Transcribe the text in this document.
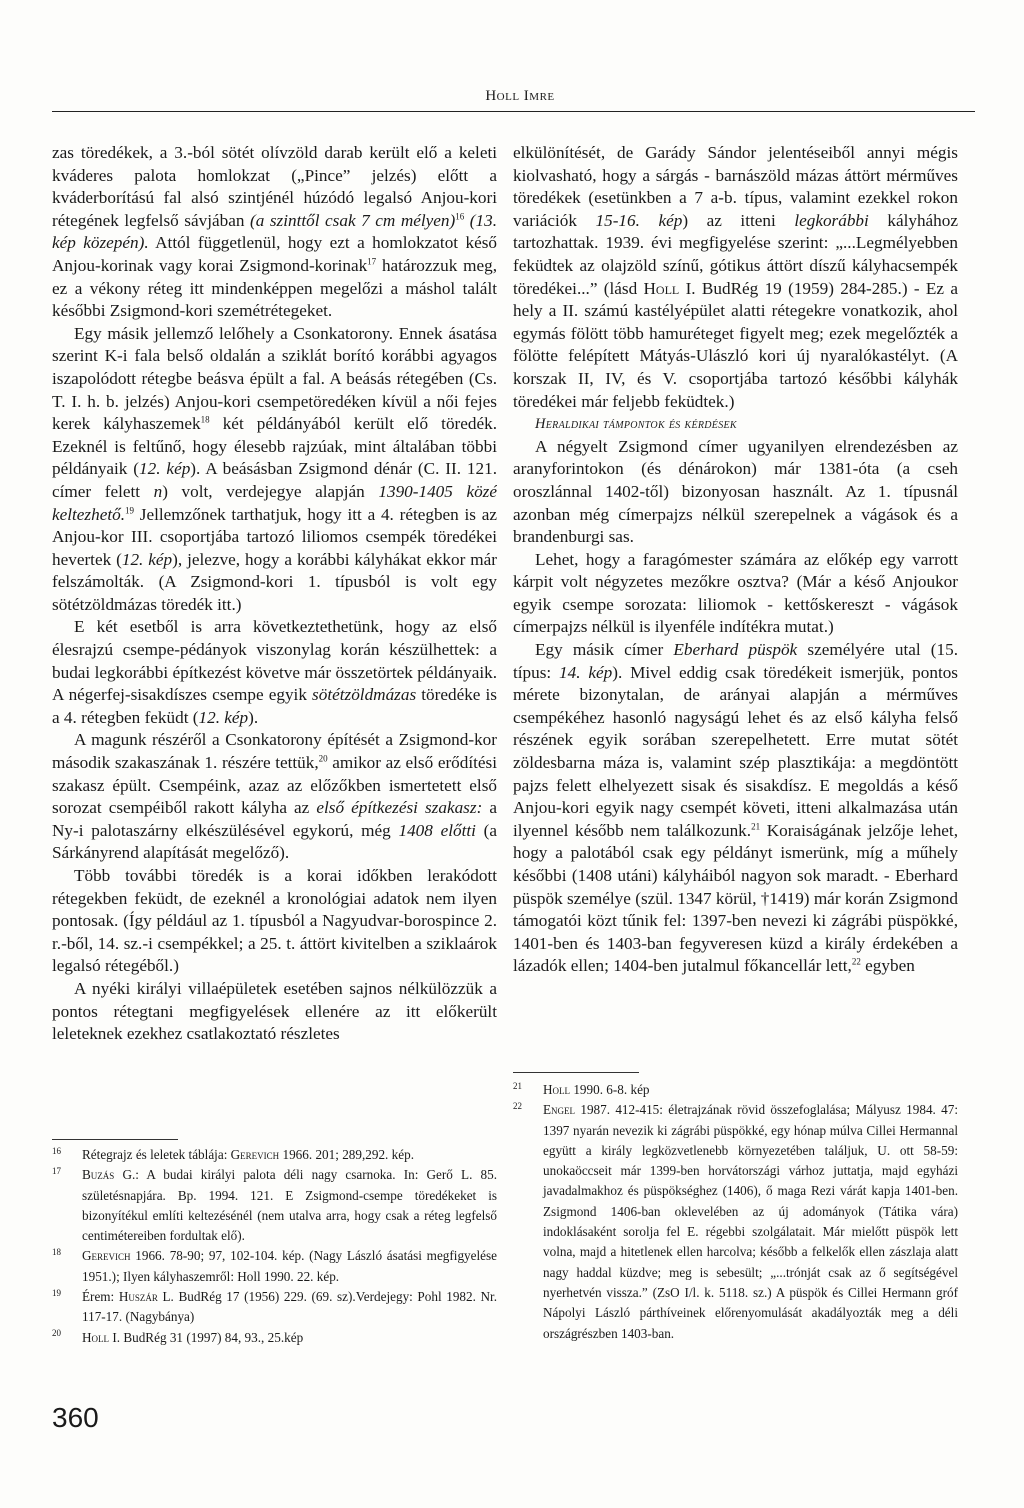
Holl Imre

zas töredékek, a 3.-ból sötét olívzöld darab került elő a keleti kváderes palota homlokzat („Pince” jelzés) előtt a kváderborítású fal alsó szintjénél húzódó legalsó Anjou-kori rétegének legfelső sávjában (a szinttől csak 7 cm mélyen)$^{16}$ (13. kép közepén). Attól függetlenül, hogy ezt a homlokzatot késő Anjou-korinak vagy korai Zsigmond-korinak$^{17}$ határozzuk meg, ez a vékony réteg itt mindenképpen megelőzi a máshol talált későbbi Zsigmond-kori szemétrétegeket.

Egy másik jellemző lelőhely a Csonkatorony. Ennek ásatása szerint K-i fala belső oldalán a sziklát borító korábbi agyagos iszapolódott rétegbe beásva épült a fal. A beásás rétegében (Cs. T. I. h. b. jelzés) Anjou-kori csempetöredéken kívül a női fejes kerek kályhaszemek$^{18}$ két példányából került elő töredék. Ezeknél is feltűnő, hogy élesebb rajzúak, mint általában többi példányaik (12. kép). A beásásban Zsigmond dénár (C. II. 121. címer felett n) volt, verdejegye alapján 1390-1405 közé keltezhető.$^{19}$ Jellemzőnek tarthatjuk, hogy itt a 4. rétegben is az Anjou-kor III. csoportjába tartozó liliomos csempék töredékei hevertek (12. kép), jelezve, hogy a korábbi kályhákat ekkor már felszámolták. (A Zsigmond-kori 1. típusból is volt egy sötétzöldmázas töredék itt.)

E két esetből is arra következtethetünk, hogy az első élesrajzú csempe-pédányok viszonylag korán készülhettek: a budai legkorábbi építkezést követve már összetörtek példányaik. A négerfej-sisakdíszes csempe egyik sötétzöldmázas töredéke is a 4. rétegben feküdt (12. kép).

A magunk részéről a Csonkatorony építését a Zsigmond-kor második szakaszának 1. részére tettük,$^{20}$ amikor az első erődítési szakasz épült. Csempéink, azaz az előzőkben ismertetett első sorozat csempéiből rakott kályha az első építkezési szakasz: a Ny-i palotaszárny elkészülésével egykorú, még 1408 előtti (a Sárkányrend alapítását megelőző).

Több további töredék is a korai időkben lerakódott rétegekben feküdt, de ezeknél a kronológiai adatok nem ilyen pontosak. (Így például az 1. típusból a Nagyudvar-borospince 2. r.-ből, 14. sz.-i csempékkel; a 25. t. áttört kivitelben a sziklaárok legalsó rétegéből.)

A nyéki királyi villaépületek esetében sajnos nélkülözzük a pontos rétegtani megfigyelések ellenére az itt előkerült leleteknek ezekhez csatlakoztató részletes

elkülönítését, de Garády Sándor jelentéseiből annyi mégis kiolvasható, hogy a sárgás - barnászöld mázas áttört mérműves töredékek (esetünkben a 7 a-b. típus, valamint ezekkel rokon variációk 15-16. kép) az itteni legkorábbi kályhához tartozhattak. 1939. évi megfigyelése szerint: „...Legmélyebben feküdtek az olajzöld színű, gótikus áttört díszű kályhacsempék töredékei...” (lásd Holl I. BudRég 19 (1959) 284-285.) - Ez a hely a II. számú kastélyépület alatti rétegekre vonatkozik, ahol egymás fölött több hamuréteget figyelt meg; ezek megelőzték a fölötte felépített Mátyás-Ulászló kori új nyaralókastélyt. (A korszak II, IV, és V. csoportjába tartozó későbbi kályhák töredékei már feljebb feküdtek.)

Heraldikai támpontok és kérdések

A négyelt Zsigmond címer ugyanilyen elrendezésben az aranyforintokon (és dénárokon) már 1381-óta (a cseh oroszlánnal 1402-től) bizonyosan használt. Az 1. típusnál azonban még címerpajzs nélkül szerepelnek a vágások és a brandenburgi sas.

Lehet, hogy a faragómester számára az előkép egy varrott kárpit volt négyzetes mezőkre osztva? (Már a késő Anjoukor egyik csempe sorozata: liliomok - kettőskereszt - vágások címerpajzs nélkül is ilyenféle indítékra mutat.)

Egy másik címer Eberhard püspök személyére utal (15. típus: 14. kép). Mivel eddig csak töredékeit ismerjük, pontos mérete bizonytalan, de arányai alapján a mérműves csempékéhez hasonló nagyságú lehet és az első kályha felső részének egyik sorában szerepelhetett. Erre mutat sötét zöldesbarna máza is, valamint szép plasztikája: a megdöntött pajzs felett elhelyezett sisak és sisakdísz. E megoldás a késő Anjou-kori egyik nagy csempét követi, itteni alkalmazása után ilyennel később nem találkozunk.$^{21}$ Koraiságának jelzője lehet, hogy a palotából csak egy példányt ismerünk, míg a műhely későbbi (1408 utáni) kályháiból nagyon sok maradt. - Eberhard püspök személye (szül. 1347 körül, †1419) már korán Zsigmond támogatói közt tűnik fel: 1397-ben nevezi ki zágrábi püspökké, 1401-ben és 1403-ban fegyveresen küzd a király érdekében a lázadók ellen; 1404-ben jutalmul főkancellár lett,$^{22}$ egyben

16 Rétegrajz és leletek táblája: Gerevich 1966. 201; 289,292. kép.

17 Buzás G.: A budai királyi palota déli nagy csarnoka. In: Gerő L. 85. születésnapjára. Bp. 1994. 121. E Zsigmond-csempe töredékeket is bizonyítékul említi keltezésénél (nem utalva arra, hogy csak a réteg legfelső centimétereiben fordultak elő).

18 Gerevich 1966. 78-90; 97, 102-104. kép. (Nagy László ásatási megfigyelése 1951.); Ilyen kályhaszemről: Holl 1990. 22. kép.

19 Érem: Huszár L. BudRég 17 (1956) 229. (69. sz).Verdejegy: Pohl 1982. Nr. 117-17. (Nagybánya)

20 Holl I. BudRég 31 (1997) 84, 93., 25.kép

21 Holl 1990. 6-8. kép

22 Engel 1987. 412-415: életrajzának rövid összefoglalása; Mályusz 1984. 47: 1397 nyarán nevezik ki zágrábi püspökké, egy hónap múlva Cillei Hermannal együtt a király legközvetlenebb környezetében találjuk, U. ott 58-59: unokaöccseit már 1399-ben horvátországi várhoz juttatja, majd egyházi javadalmakhoz és püspökséghez (1406), ő maga Rezi várát kapja 1401-ben. Zsigmond 1406-ban oklevelében az új adományok (Tátika vára) indoklásaként sorolja fel E. régebbi szolgálatait. Már mielőtt püspök lett volna, majd a hitetlenek ellen harcolva; később a felkelők ellen zászlaja alatt nagy haddal küzdve; meg is sebesült; „...trónját csak az ő segítségével nyerhetvén vissza.” (ZsO I/l. k. 5118. sz.) A püspök és Cillei Hermann gróf Nápolyi László párthíveinek előrenyomulását akadályozták meg a déli országrészben 1403-ban.

360
